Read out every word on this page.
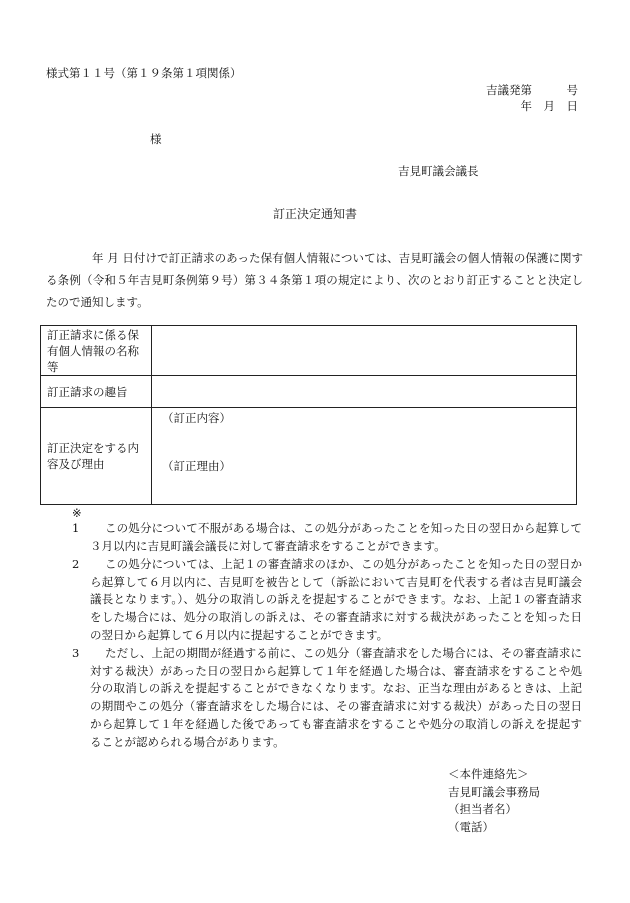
様式第１１号（第１９条第１項関係）
吉議発第　　　号
年　月　日
様
吉見町議会議長
訂正決定通知書
年 月 日付けで訂正請求のあった保有個人情報については、吉見町議会の個人情報の保護に関する条例（令和５年吉見町条例第９号）第３４条第１項の規定により、次のとおり訂正することと決定したので通知します。
訂正請求に係る保有個人情報の名称等	
訂正請求の趣旨	
訂正決定をする内容及び理由	（訂正内容）
（訂正理由）
※
1	この処分について不服がある場合は、この処分があったことを知った日の翌日から起算して３月以内に吉見町議会議長に対して審査請求をすることができます。
2	この処分については、上記１の審査請求のほか、この処分があったことを知った日の翌日から起算して６月以内に、吉見町を被告として（訴訟において吉見町を代表する者は吉見町議会議長となります。）、処分の取消しの訴えを提起することができます。なお、上記１の審査請求をした場合には、処分の取消しの訴えは、その審査請求に対する裁決があったことを知った日の翌日から起算して６月以内に提起することができます。
3	ただし、上記の期間が経過する前に、この処分（審査請求をした場合には、その審査請求に対する裁決）があった日の翌日から起算して１年を経過した場合は、審査請求をすることや処分の取消しの訴えを提起することができなくなります。なお、正当な理由があるときは、上記の期間やこの処分（審査請求をした場合には、その審査請求に対する裁決）があった日の翌日から起算して１年を経過した後であっても審査請求をすることや処分の取消しの訴えを提起することが認められる場合があります。
＜本件連絡先＞
吉見町議会事務局
（担当者名）
（電話）
